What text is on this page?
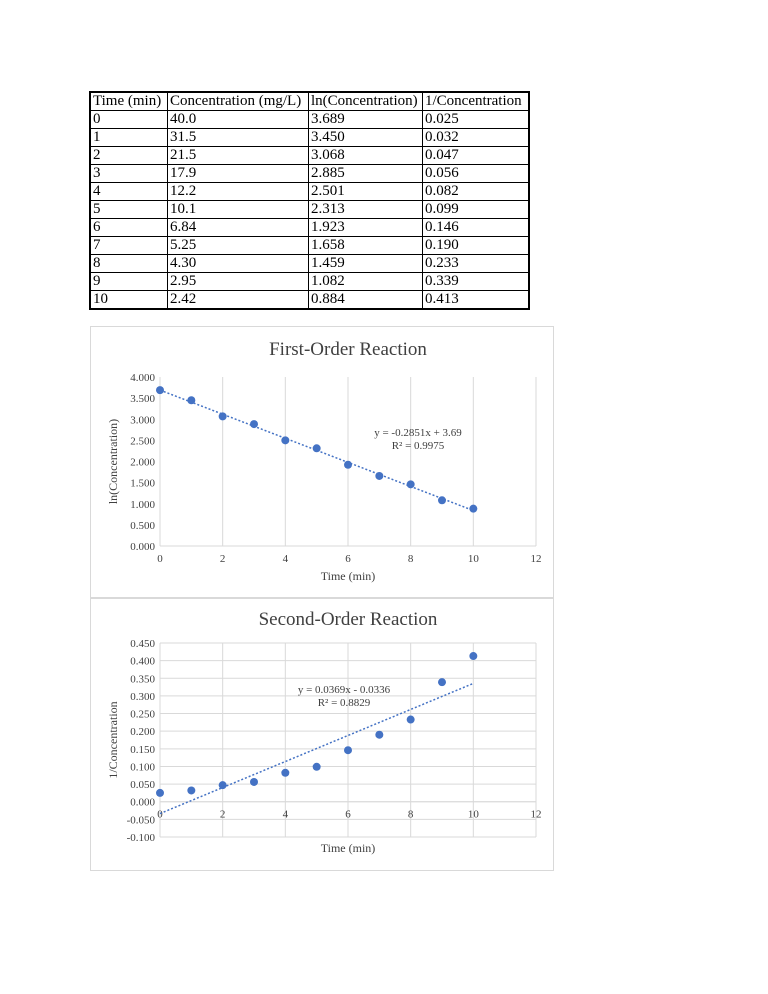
Time (min)	Concentration (mg/L)	ln(Concentration)	1/Concentration
0	40.0	3.689	0.025
1	31.5	3.450	0.032
2	21.5	3.068	0.047
3	17.9	2.885	0.056
4	12.2	2.501	0.082
5	10.1	2.313	0.099
6	6.84	1.923	0.146
7	5.25	1.658	0.190
8	4.30	1.459	0.233
9	2.95	1.082	0.339
10	2.42	0.884	0.413
First-Order Reaction
0.000
0.500
1.000
1.500
2.000
2.500
3.000
3.500
4.000
0	2	4	6	8	10	12
Time (min)
ln(Concentration)	y = -0.2851x + 3.69
R² = 0.9975
Second-Order Reaction
-0.100
-0.050
0.000
0.050
0.100
0.150
0.200
0.250
0.300
0.350
0.400
0.450
0	2	4	6	8	10	12
Time (min)
1/Concentration
y = 0.0369x - 0.0336
R² = 0.8829
